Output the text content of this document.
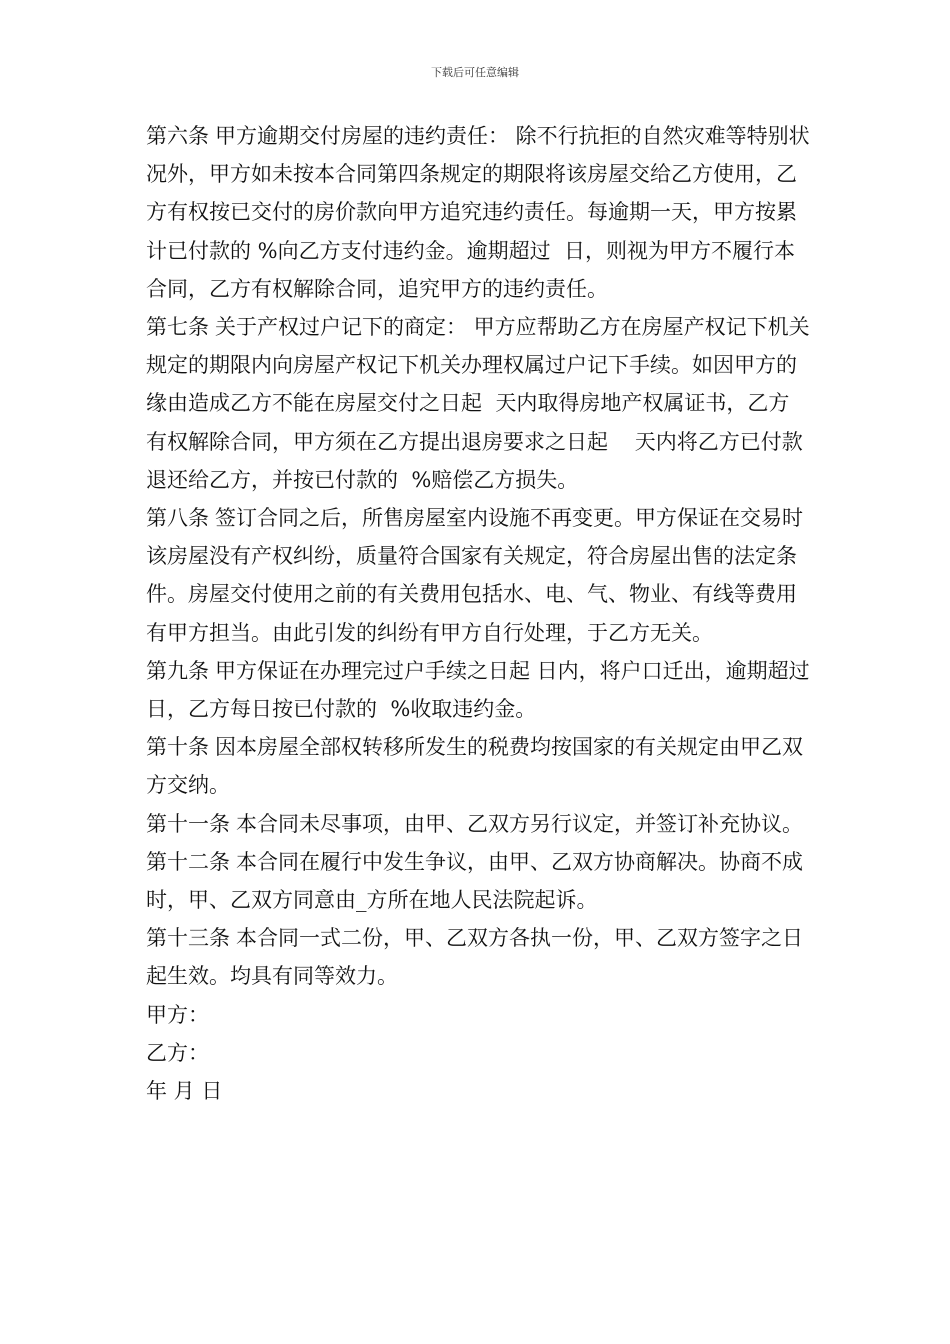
下载后可任意编辑

第六条 甲方逾期交付房屋的违约责任： 除不行抗拒的自然灾难等特别状况外，甲方如未按本合同第四条规定的期限将该房屋交给乙方使用，乙方有权按已交付的房价款向甲方追究违约责任。每逾期一天，甲方按累计已付款的 %向乙方支付违约金。逾期超过  日，则视为甲方不履行本合同，乙方有权解除合同，追究甲方的违约责任。

第七条 关于产权过户记下的商定： 甲方应帮助乙方在房屋产权记下机关规定的期限内向房屋产权记下机关办理权属过户记下手续。如因甲方的缘由造成乙方不能在房屋交付之日起  天内取得房地产权属证书，乙方有权解除合同，甲方须在乙方提出退房要求之日起    天内将乙方已付款退还给乙方，并按已付款的  %赔偿乙方损失。

第八条 签订合同之后，所售房屋室内设施不再变更。甲方保证在交易时该房屋没有产权纠纷，质量符合国家有关规定，符合房屋出售的法定条件。房屋交付使用之前的有关费用包括水、电、气、物业、有线等费用有甲方担当。由此引发的纠纷有甲方自行处理，于乙方无关。

第九条 甲方保证在办理完过户手续之日起 日内，将户口迁出，逾期超过  日，乙方每日按已付款的  %收取违约金。

第十条 因本房屋全部权转移所发生的税费均按国家的有关规定由甲乙双方交纳。

第十一条 本合同未尽事项，由甲、乙双方另行议定，并签订补充协议。

第十二条 本合同在履行中发生争议，由甲、乙双方协商解决。协商不成时，甲、乙双方同意由_方所在地人民法院起诉。

第十三条 本合同一式二份，甲、乙双方各执一份，甲、乙双方签字之日起生效。均具有同等效力。

甲方：

乙方：

年 月 日
